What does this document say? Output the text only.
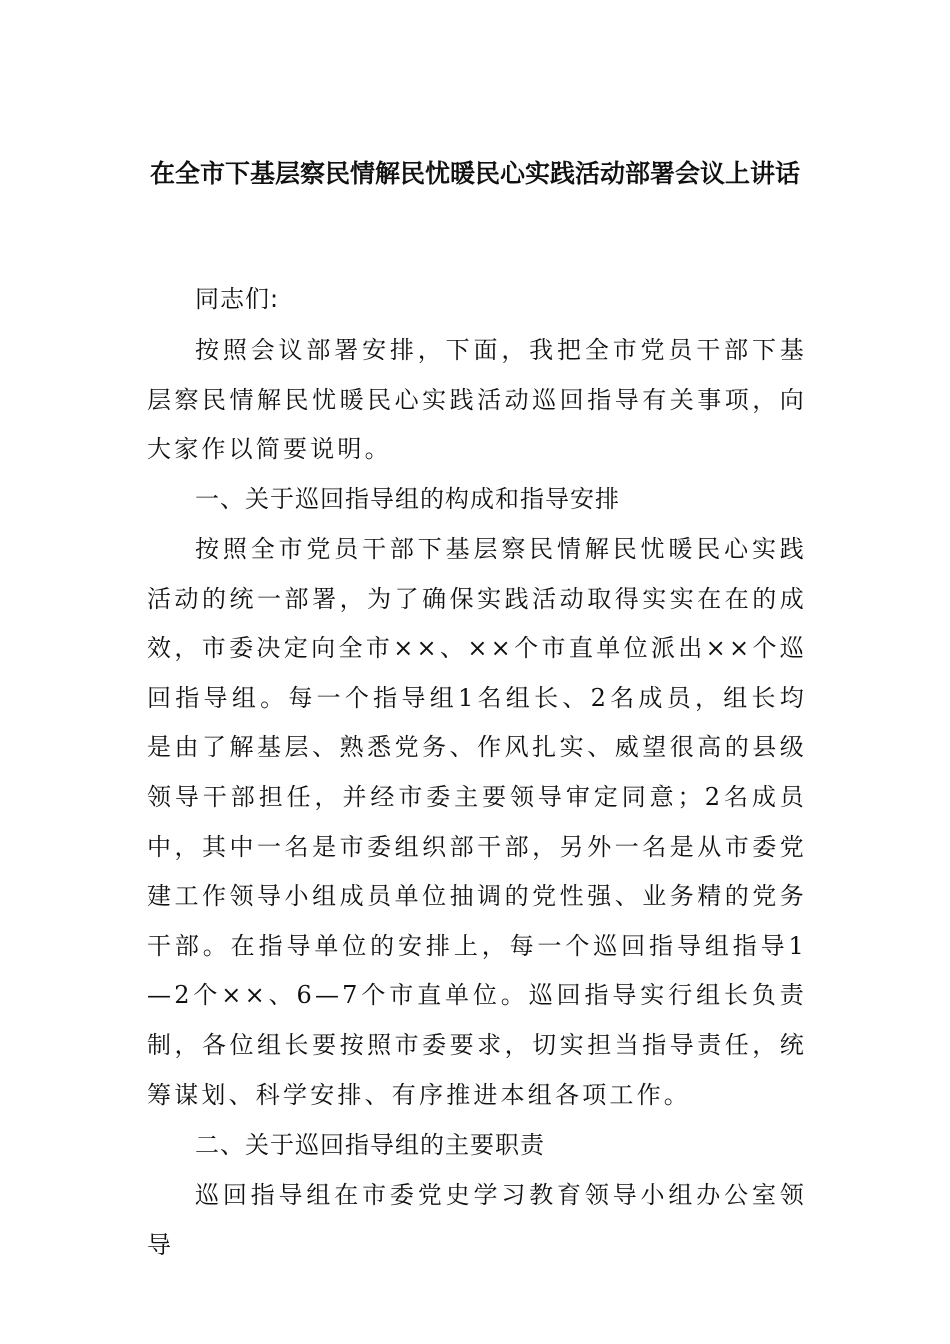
在全市下基层察民情解民忧暖民心实践活动部署会议上讲话

同志们:

按照会议部署安排，下面，我把全市党员干部下基层察民情解民忧暖民心实践活动巡回指导有关事项，向大家作以简要说明。

一、关于巡回指导组的构成和指导安排

按照全市党员干部下基层察民情解民忧暖民心实践活动的统一部署，为了确保实践活动取得实实在在的成效，市委决定向全市××、××个市直单位派出××个巡回指导组。每一个指导组1名组长、2名成员，组长均是由了解基层、熟悉党务、作风扎实、威望很高的县级领导干部担任，并经市委主要领导审定同意；2名成员中，其中一名是市委组织部干部，另外一名是从市委党建工作领导小组成员单位抽调的党性强、业务精的党务干部。在指导单位的安排上，每一个巡回指导组指导1—2个××、6—7个市直单位。巡回指导实行组长负责制，各位组长要按照市委要求，切实担当指导责任，统筹谋划、科学安排、有序推进本组各项工作。

二、关于巡回指导组的主要职责

巡回指导组在市委党史学习教育领导小组办公室领导
